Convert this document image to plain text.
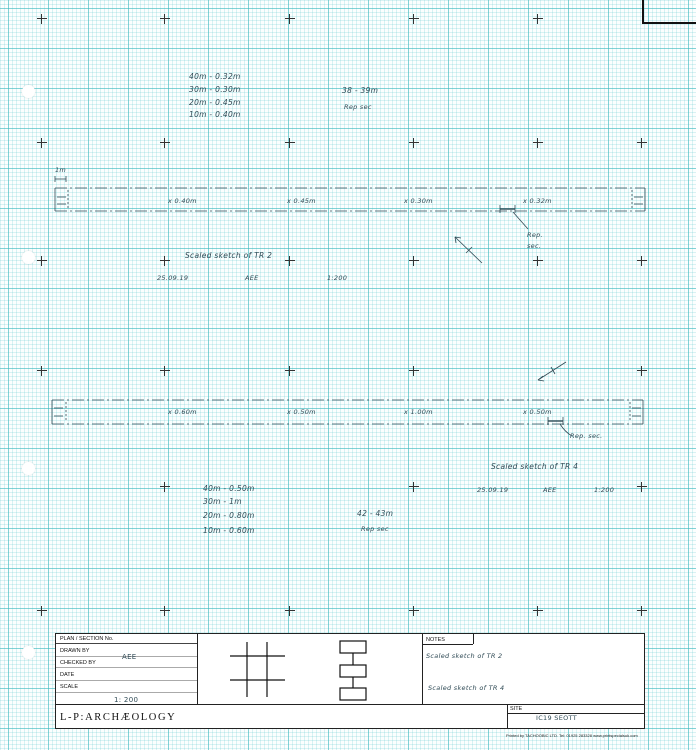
40m - 0.32m
30m - 0.30m
20m - 0.45m
10m - 0.40m
38 - 39m
Rep sec
1m
x 0.40m	x 0.45m	x 0.30m	x 0.32m
Rep.
sec.
Scaled sketch of TR 2
25.09.19	AEE	1:200
x 0.60m	x 0.50m	x 1.00m	x 0.50m
Rep. sec.
Scaled sketch of TR 4
25.09.19	AEE	1:200
40m - 0.50m
30m - 1m
20m - 0.80m
10m - 0.60m
42 - 43m
Rep sec
PLAN / SECTION No.
DRAWN BY
AEE
CHECKED BY
DATE
SCALE
1: 200
L-P:ARCHÆOLOGY
NOTES
Scaled sketch of TR 2
Scaled sketch of TR 4
SITE
IC19 SEOTT
Printed by TACHOOBIC LTD. Tel: 01925 283328 www.printspecialsuk.com
